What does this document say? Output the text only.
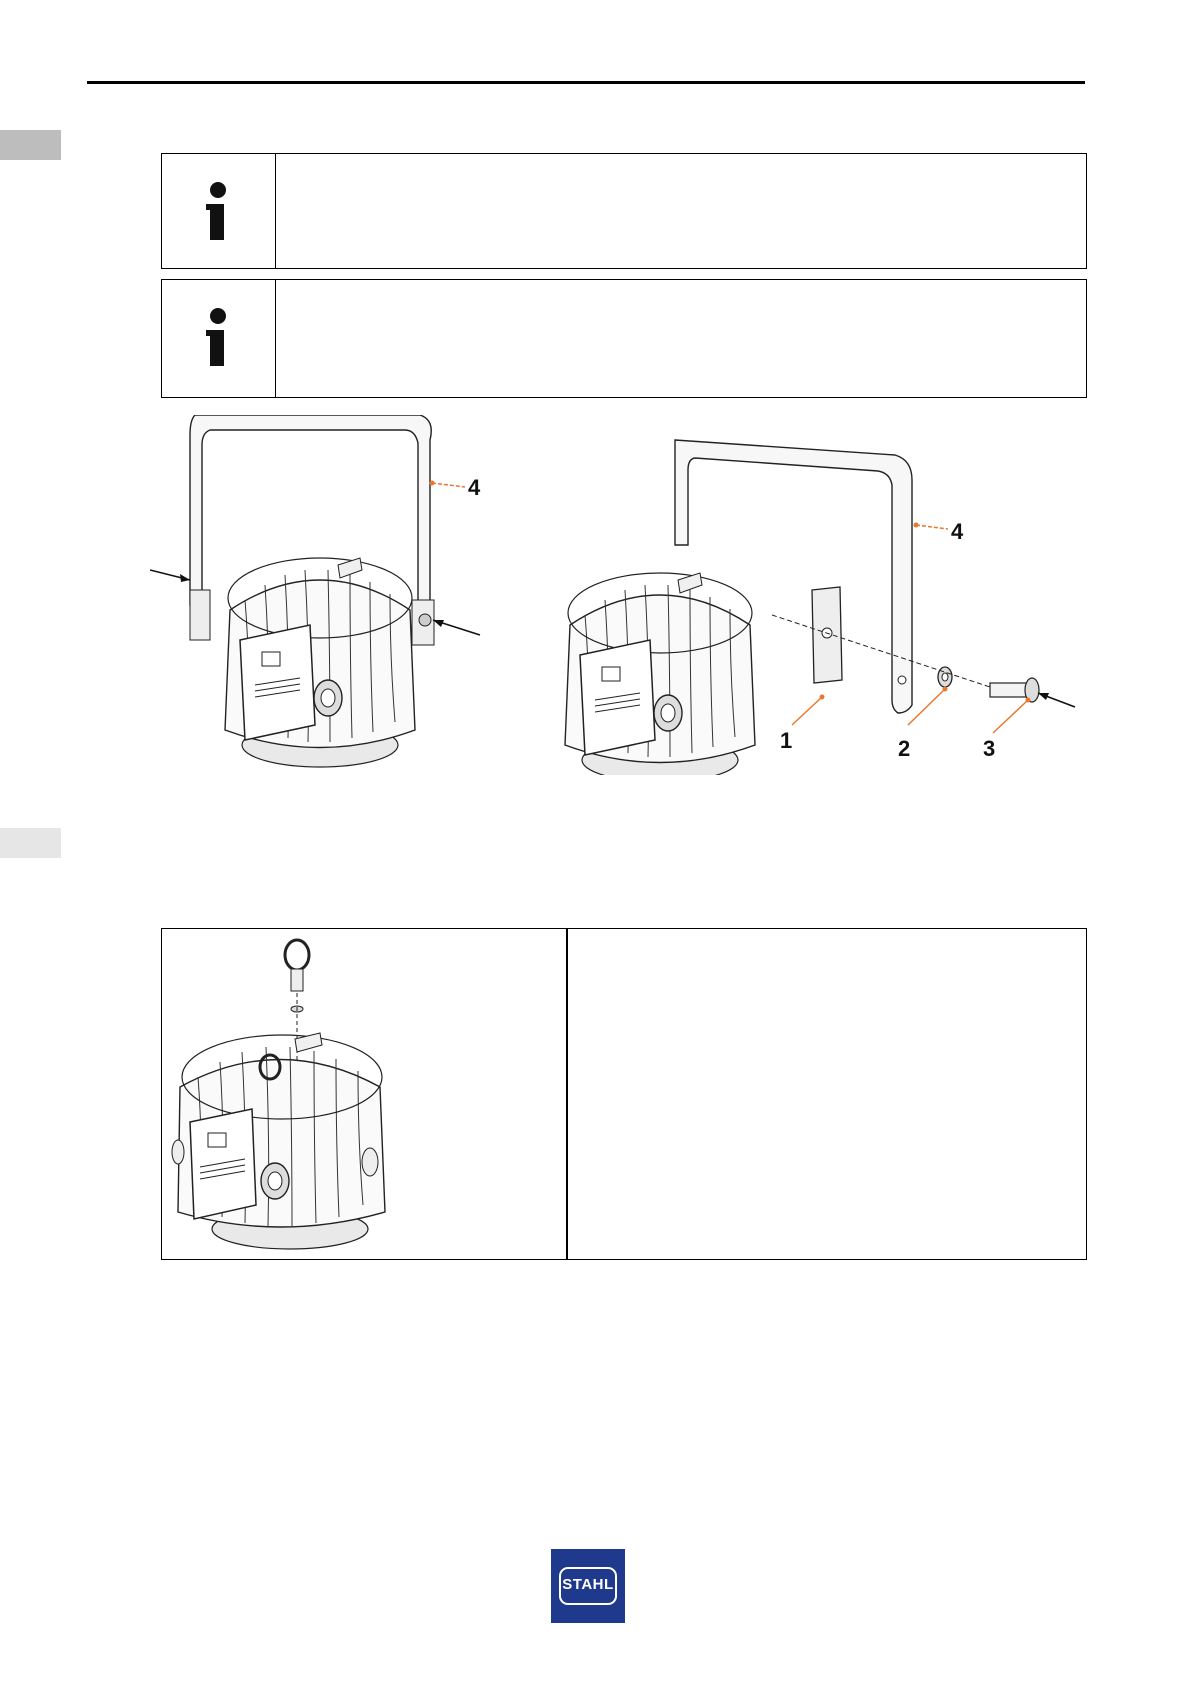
4
4
1	2	3
STAHL
